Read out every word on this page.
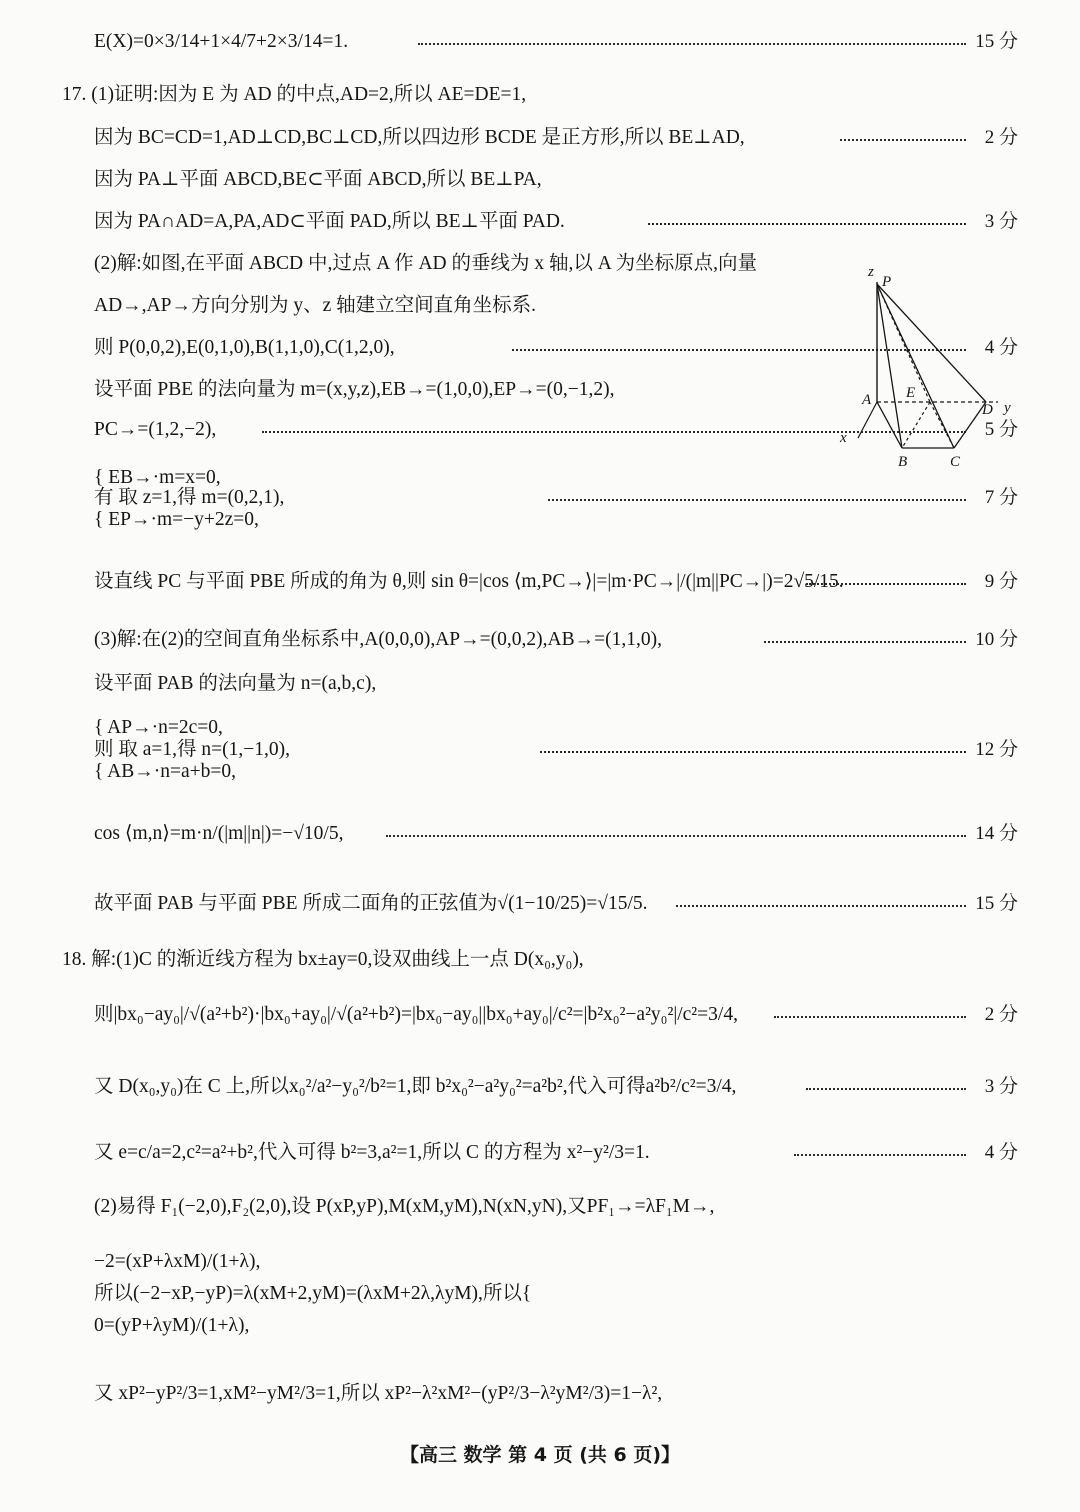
E(X)=0×3/14+1×4/7+2×3/14=1.	15 分
17. (1)证明:因为 E 为 AD 的中点,AD=2,所以 AE=DE=1,
因为 BC=CD=1,AD⊥CD,BC⊥CD,所以四边形 BCDE 是正方形,所以 BE⊥AD,	2 分
因为 PA⊥平面 ABCD,BE⊂平面 ABCD,所以 BE⊥PA,
因为 PA∩AD=A,PA,AD⊂平面 PAD,所以 BE⊥平面 PAD.	3 分
(2)解:如图,在平面 ABCD 中,过点 A 作 AD 的垂线为 x 轴,以 A 为坐标原点,向量
AD→,AP→方向分别为 y、z 轴建立空间直角坐标系.
则 P(0,0,2),E(0,1,0),B(1,1,0),C(1,2,0),	4 分
设平面 PBE 的法向量为 m=(x,y,z),EB→=(1,0,0),EP→=(0,−1,2),
PC→=(1,2,−2),	5 分
{ EB→·m=x=0,
有 取 z=1,得 m=(0,2,1),	7 分
{ EP→·m=−y+2z=0,
设直线 PC 与平面 PBE 所成的角为 θ,则 sin θ=|cos ⟨m,PC→⟩|=|m·PC→|/(|m||PC→|)=2√5/15.	9 分
(3)解:在(2)的空间直角坐标系中,A(0,0,0),AP→=(0,0,2),AB→=(1,1,0),	10 分
设平面 PAB 的法向量为 n=(a,b,c),
{ AP→·n=2c=0,
则 取 a=1,得 n=(1,−1,0),	12 分
{ AB→·n=a+b=0,
cos ⟨m,n⟩=m·n/(|m||n|)=−√10/5,	14 分
故平面 PAB 与平面 PBE 所成二面角的正弦值为√(1−10/25)=√15/5.	15 分
18. 解:(1)C 的渐近线方程为 bx±ay=0,设双曲线上一点 D(x₀,y₀),
则|bx₀−ay₀|/√(a²+b²)·|bx₀+ay₀|/√(a²+b²)=|bx₀−ay₀||bx₀+ay₀|/c²=|b²x₀²−a²y₀²|/c²=3/4,	2 分
又 D(x₀,y₀)在 C 上,所以x₀²/a²−y₀²/b²=1,即 b²x₀²−a²y₀²=a²b²,代入可得a²b²/c²=3/4,	3 分
又 e=c/a=2,c²=a²+b²,代入可得 b²=3,a²=1,所以 C 的方程为 x²−y²/3=1.	4 分
(2)易得 F₁(−2,0),F₂(2,0),设 P(xP,yP),M(xM,yM),N(xN,yN),又PF₁→=λF₁M→,
−2=(xP+λxM)/(1+λ),
所以(−2−xP,−yP)=λ(xM+2,yM)=(λxM+2λ,λyM),所以{
0=(yP+λyM)/(1+λ),
又 xP²−yP²/3=1,xM²−yM²/3=1,所以 xP²−λ²xM²−(yP²/3−λ²yM²/3)=1−λ²,
z
P
E
A
D y
x
B	C
【高三 数学 第 4 页 (共 6 页)】
